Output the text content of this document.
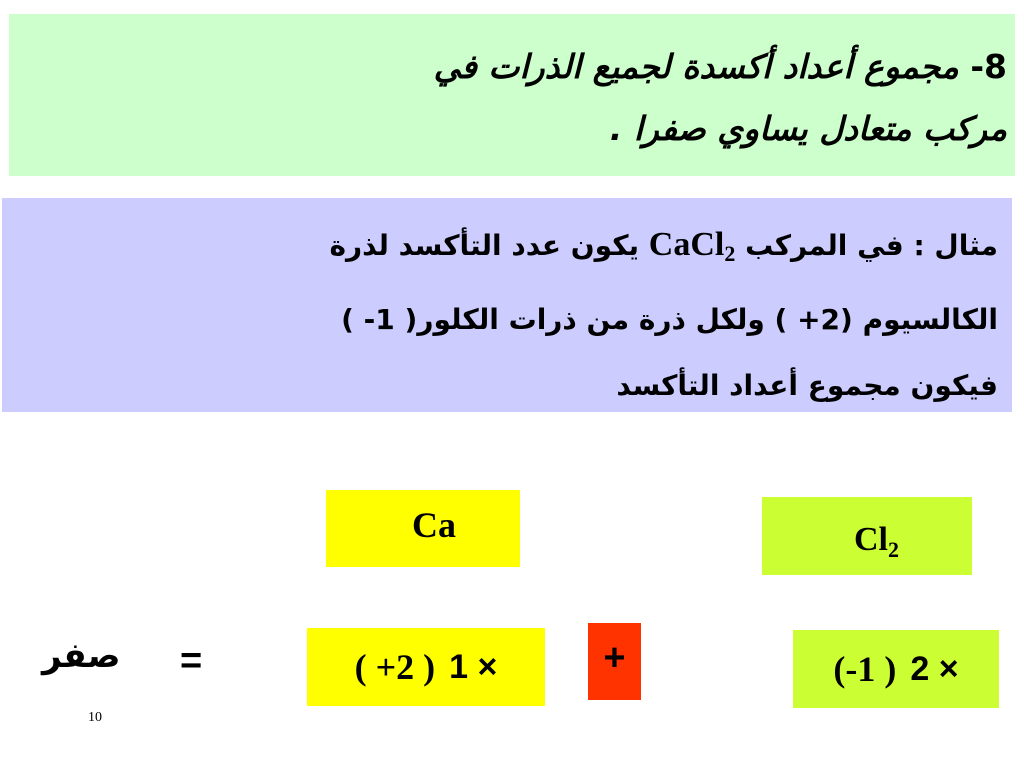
8- مجموع أعداد أكسدة لجميع الذرات في
مركب متعادل يساوي صفرا .
مثال : في المركب CaCl$_2$ يكون عدد التأكسد لذرة
الكالسيوم (2+ ) ولكل ذرة من ذرات الكلور( 1- )
فيكون مجموع أعداد التأكسد
Ca	$Cl_2$
صفر =	( +2 ) 1 ×	+	(-1 ) 2 ×
10
